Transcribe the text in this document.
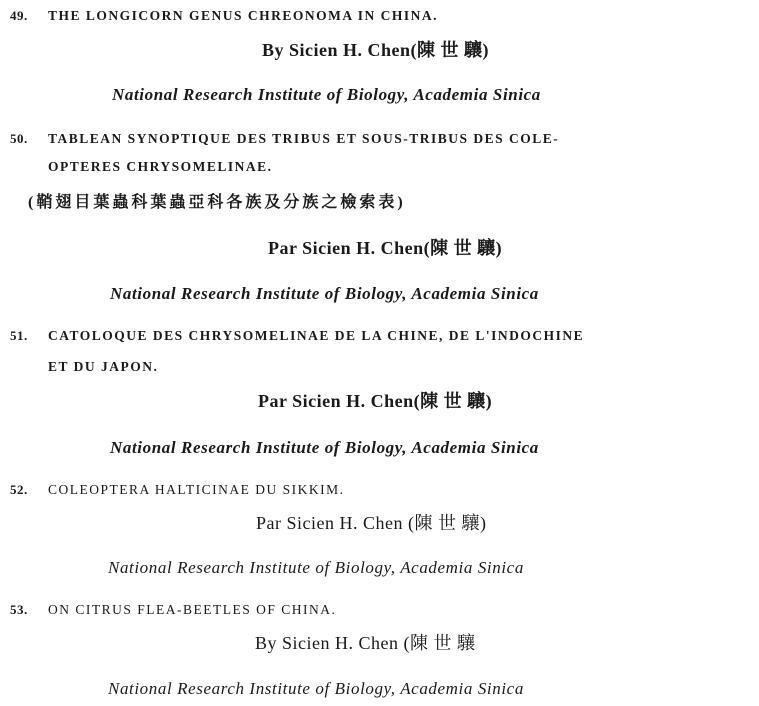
49. THE LONGICORN GENUS CHREONOMA IN CHINA.
By Sicien H. Chen(陳 世 驤)
National Research Institute of Biology, Academia Sinica
50. TABLEAN SYNOPTIQUE DES TRIBUS ET SOUS-TRIBUS DES COLE-
OPTERES CHRYSOMELINAE.
(鞘翅目葉蟲科葉蟲亞科各族及分族之檢索表)
Par Sicien H. Chen(陳 世 驤)
National Research Institute of Biology, Academia Sinica
51. CATOLOQUE DES CHRYSOMELINAE DE LA CHINE, DE L'INDOCHINE
ET DU JAPON.
Par Sicien H. Chen(陳 世 驤)
National Research Institute of Biology, Academia Sinica
52. COLEOPTERA HALTICINAE DU SIKKIM.
Par Sicien H. Chen (陳 世 驤)
National Research Institute of Biology, Academia Sinica
53. ON CITRUS FLEA-BEETLES OF CHINA.
By Sicien H. Chen (陳 世 驤
National Research Institute of Biology, Academia Sinica
